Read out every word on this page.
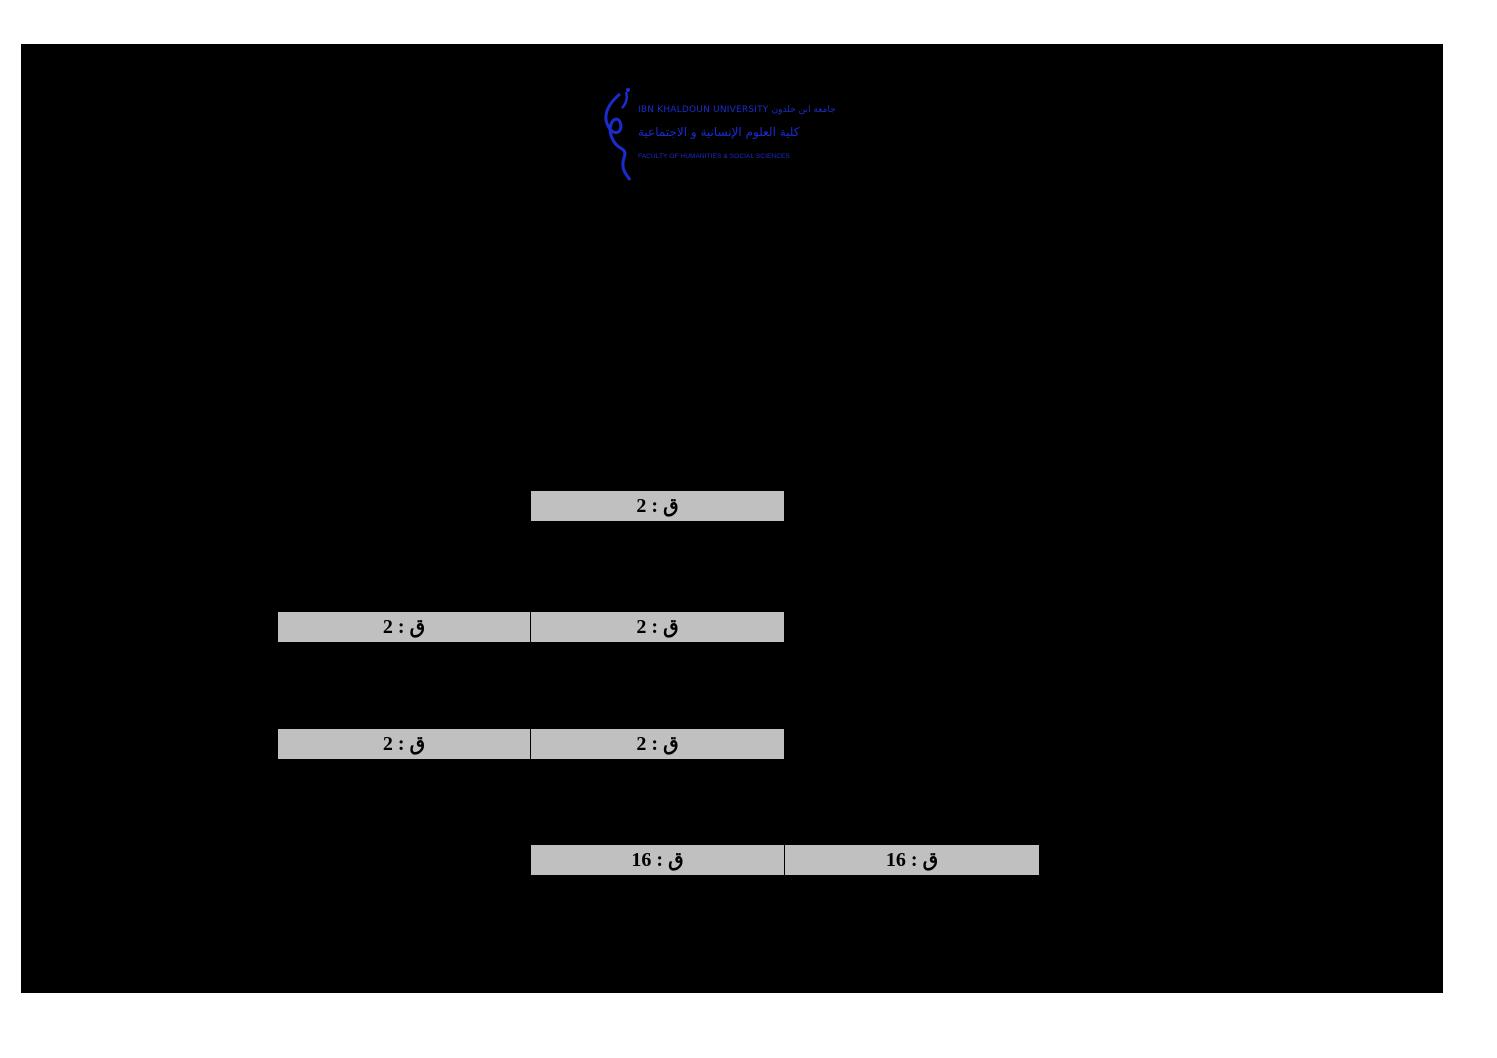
IBN KHALDOUN UNIVERSITY جامعة ابن خلدون
كلية العلوم الإنسانية و الاجتماعية
FACULTY OF HUMANITIES & SOCIAL SCIENCES
ق : 2
ق : 2
ق : 2
ق : 2
ق : 2
ق : 16
ق : 16
